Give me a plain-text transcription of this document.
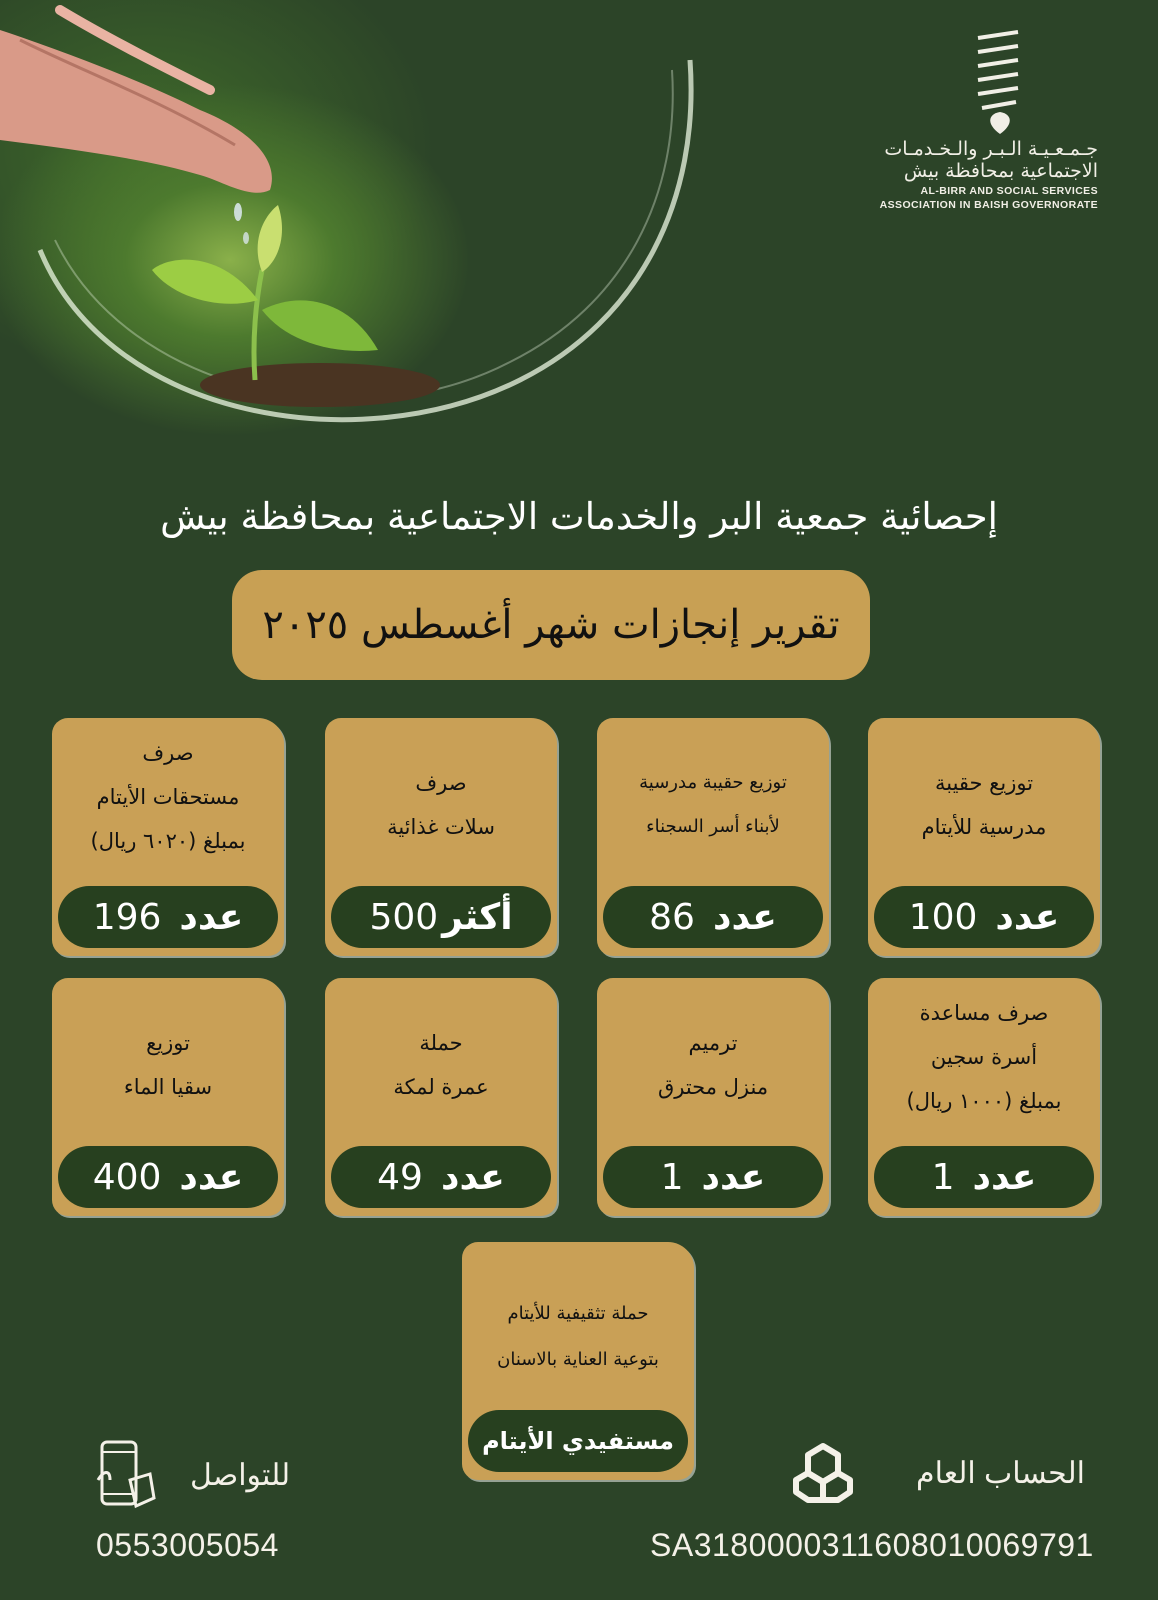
جـمـعـيـة الـبـر والـخـدمـات
الاجتماعية بمحافظة بيش
AL-BIRR AND SOCIAL SERVICES
ASSOCIATION IN BAISH GOVERNORATE
إحصائية جمعية البر والخدمات الاجتماعية بمحافظة بيش
تقرير إنجازات شهر أغسطس ٢٠٢٥
توزيع حقيبة
مدرسية للأيتام
عدد
100
توزيع حقيبة مدرسية
لأبناء أسر السجناء
عدد
86
صرف
سلات غذائية
أكثر
500
صرف
مستحقات الأيتام
بمبلغ (٦٠٢٠ ريال)
عدد
196
صرف مساعدة
أسرة سجين
بمبلغ (١٠٠٠ ريال)
عدد
1
ترميم
منزل محترق
عدد
1
حملة
عمرة لمكة
عدد
49
توزيع
سقيا الماء
عدد
400
حملة تثقيفية للأيتام
بتوعية العناية بالاسنان
مستفيدي الأيتام
للتواصل
0553005054
الحساب العام
SA3180000311608010069791
